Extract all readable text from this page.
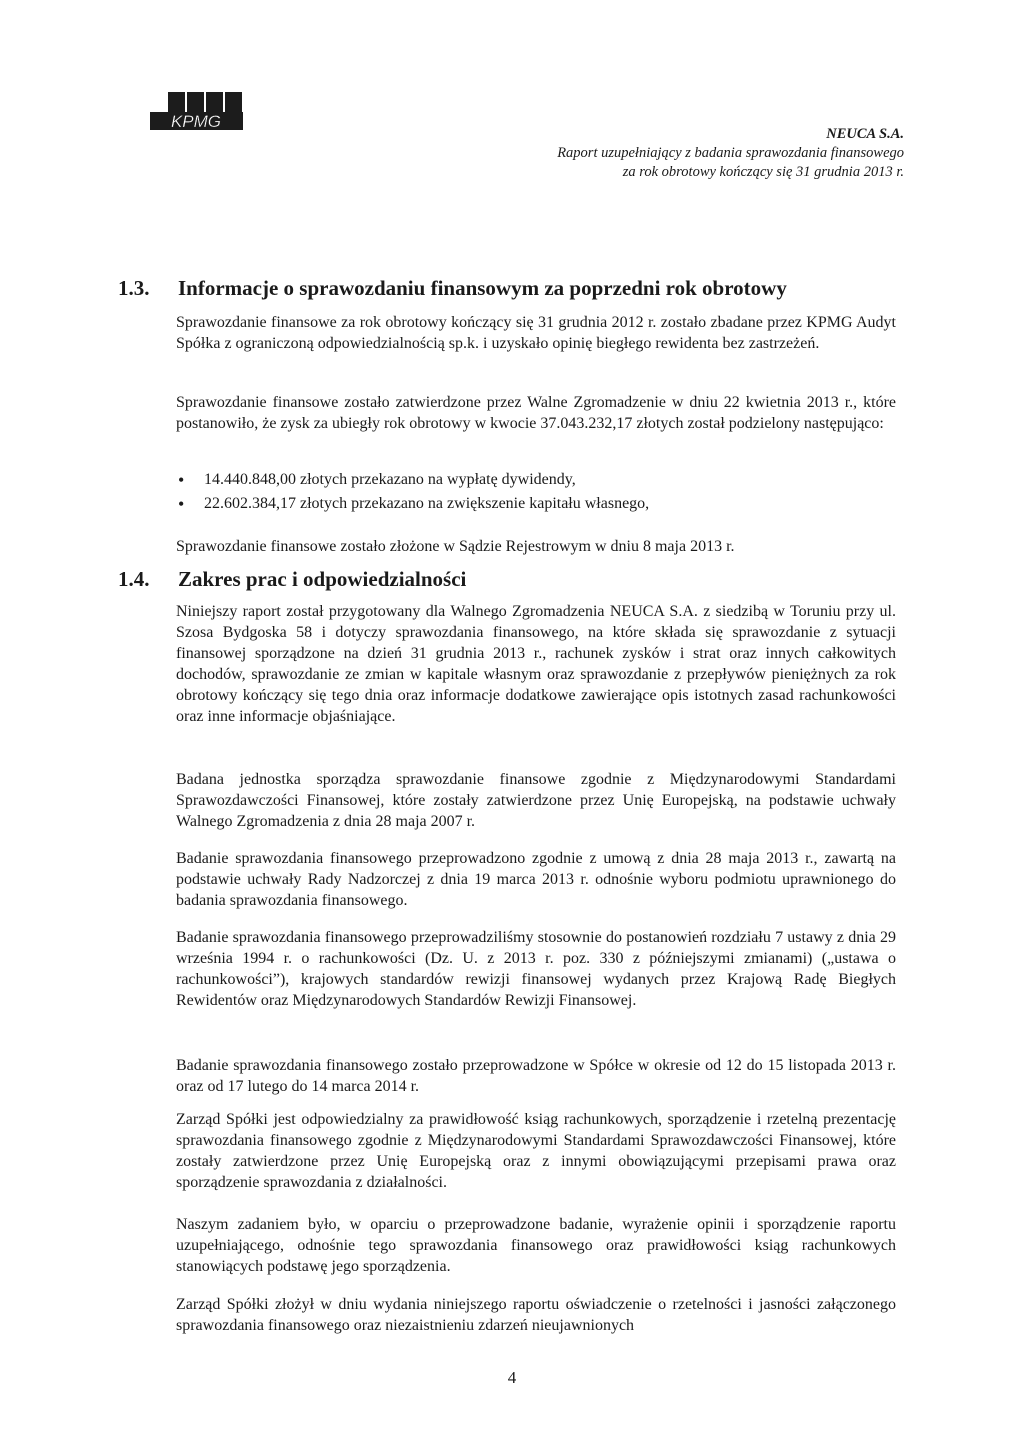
KPMG
NEUCA S.A.
Raport uzupełniający z badania sprawozdania finansowego
za rok obrotowy kończący się 31 grudnia 2013 r.
1.3. Informacje o sprawozdaniu finansowym za poprzedni rok obrotowy

Sprawozdanie finansowe za rok obrotowy kończący się 31 grudnia 2012 r. zostało zbadane przez KPMG Audyt Spółka z ograniczoną odpowiedzialnością sp.k. i uzyskało opinię biegłego rewidenta bez zastrzeżeń.

Sprawozdanie finansowe zostało zatwierdzone przez Walne Zgromadzenie w dniu 22 kwietnia 2013 r., które postanowiło, że zysk za ubiegły rok obrotowy w kwocie 37.043.232,17 złotych został podzielony następująco:

• 14.440.848,00 złotych przekazano na wypłatę dywidendy,
• 22.602.384,17 złotych przekazano na zwiększenie kapitału własnego,

Sprawozdanie finansowe zostało złożone w Sądzie Rejestrowym w dniu 8 maja 2013 r.

1.4. Zakres prac i odpowiedzialności

Niniejszy raport został przygotowany dla Walnego Zgromadzenia NEUCA S.A. z siedzibą w Toruniu przy ul. Szosa Bydgoska 58 i dotyczy sprawozdania finansowego, na które składa się sprawozdanie z sytuacji finansowej sporządzone na dzień 31 grudnia 2013 r., rachunek zysków i strat oraz innych całkowitych dochodów, sprawozdanie ze zmian w kapitale własnym oraz sprawozdanie z przepływów pieniężnych za rok obrotowy kończący się tego dnia oraz informacje dodatkowe zawierające opis istotnych zasad rachunkowości oraz inne informacje objaśniające.

Badana jednostka sporządza sprawozdanie finansowe zgodnie z Międzynarodowymi Standardami Sprawozdawczości Finansowej, które zostały zatwierdzone przez Unię Europejską, na podstawie uchwały Walnego Zgromadzenia z dnia 28 maja 2007 r.

Badanie sprawozdania finansowego przeprowadzono zgodnie z umową z dnia 28 maja 2013 r., zawartą na podstawie uchwały Rady Nadzorczej z dnia 19 marca 2013 r. odnośnie wyboru podmiotu uprawnionego do badania sprawozdania finansowego.

Badanie sprawozdania finansowego przeprowadziliśmy stosownie do postanowień rozdziału 7 ustawy z dnia 29 września 1994 r. o rachunkowości (Dz. U. z 2013 r. poz. 330 z późniejszymi zmianami) („ustawa o rachunkowości”), krajowych standardów rewizji finansowej wydanych przez Krajową Radę Biegłych Rewidentów oraz Międzynarodowych Standardów Rewizji Finansowej.

Badanie sprawozdania finansowego zostało przeprowadzone w Spółce w okresie od 12 do 15 listopada 2013 r. oraz od 17 lutego do 14 marca 2014 r.

Zarząd Spółki jest odpowiedzialny za prawidłowość ksiąg rachunkowych, sporządzenie i rzetelną prezentację sprawozdania finansowego zgodnie z Międzynarodowymi Standardami Sprawozdawczości Finansowej, które zostały zatwierdzone przez Unię Europejską oraz z innymi obowiązującymi przepisami prawa oraz sporządzenie sprawozdania z działalności.

Naszym zadaniem było, w oparciu o przeprowadzone badanie, wyrażenie opinii i sporządzenie raportu uzupełniającego, odnośnie tego sprawozdania finansowego oraz prawidłowości ksiąg rachunkowych stanowiących podstawę jego sporządzenia.

Zarząd Spółki złożył w dniu wydania niniejszego raportu oświadczenie o rzetelności i jasności załączonego sprawozdania finansowego oraz niezaistnieniu zdarzeń nieujawnionych

4
